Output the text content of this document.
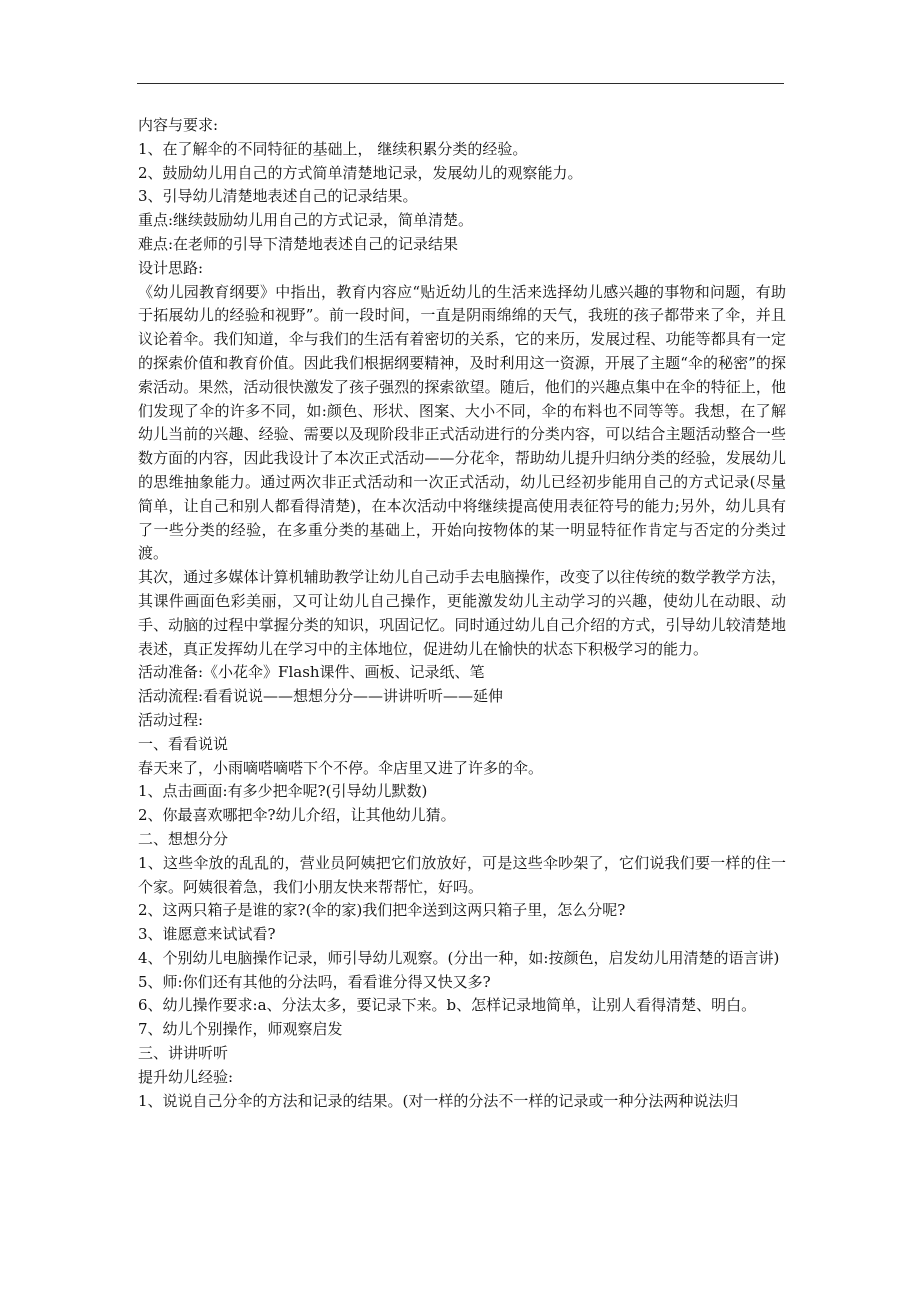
内容与要求:

1、在了解伞的不同特征的基础上， 继续积累分类的经验。

2、鼓励幼儿用自己的方式简单清楚地记录，发展幼儿的观察能力。

3、引导幼儿清楚地表述自己的记录结果。

重点:继续鼓励幼儿用自己的方式记录，简单清楚。

难点:在老师的引导下清楚地表述自己的记录结果

设计思路:

《幼儿园教育纲要》中指出，教育内容应“贴近幼儿的生活来选择幼儿感兴趣的事物和问题，有助于拓展幼儿的经验和视野”。前一段时间，一直是阴雨绵绵的天气，我班的孩子都带来了伞，并且议论着伞。我们知道，伞与我们的生活有着密切的关系，它的来历，发展过程、功能等都具有一定的探索价值和教育价值。因此我们根据纲要精神，及时利用这一资源，开展了主题“伞的秘密”的探索活动。果然，活动很快激发了孩子强烈的探索欲望。随后，他们的兴趣点集中在伞的特征上，他们发现了伞的许多不同，如:颜色、形状、图案、大小不同，伞的布料也不同等等。我想，在了解幼儿当前的兴趣、经验、需要以及现阶段非正式活动进行的分类内容，可以结合主题活动整合一些数方面的内容，因此我设计了本次正式活动——分花伞，帮助幼儿提升归纳分类的经验，发展幼儿的思维抽象能力。通过两次非正式活动和一次正式活动，幼儿已经初步能用自己的方式记录(尽量简单，让自己和别人都看得清楚)，在本次活动中将继续提高使用表征符号的能力;另外，幼儿具有了一些分类的经验，在多重分类的基础上，开始向按物体的某一明显特征作肯定与否定的分类过渡。

其次，通过多媒体计算机辅助教学让幼儿自己动手去电脑操作，改变了以往传统的数学教学方法，其课件画面色彩美丽，又可让幼儿自己操作，更能激发幼儿主动学习的兴趣，使幼儿在动眼、动手、动脑的过程中掌握分类的知识，巩固记忆。同时通过幼儿自己介绍的方式，引导幼儿较清楚地表述，真正发挥幼儿在学习中的主体地位，促进幼儿在愉快的状态下积极学习的能力。

活动准备:《小花伞》Flash课件、画板、记录纸、笔

活动流程:看看说说——想想分分——讲讲听听——延伸

活动过程:

一、看看说说

春天来了，小雨嘀嗒嘀嗒下个不停。伞店里又进了许多的伞。

1、点击画面:有多少把伞呢?(引导幼儿默数)

2、你最喜欢哪把伞?幼儿介绍，让其他幼儿猜。

二、想想分分

1、这些伞放的乱乱的，营业员阿姨把它们放放好，可是这些伞吵架了，它们说我们要一样的住一个家。阿姨很着急，我们小朋友快来帮帮忙，好吗。

2、这两只箱子是谁的家?(伞的家)我们把伞送到这两只箱子里，怎么分呢?

3、谁愿意来试试看?

4、个别幼儿电脑操作记录，师引导幼儿观察。(分出一种，如:按颜色，启发幼儿用清楚的语言讲)

5、师:你们还有其他的分法吗，看看谁分得又快又多?

6、幼儿操作要求:a、分法太多，要记录下来。b、怎样记录地简单，让别人看得清楚、明白。

7、幼儿个别操作，师观察启发

三、讲讲听听

提升幼儿经验:

1、说说自己分伞的方法和记录的结果。(对一样的分法不一样的记录或一种分法两种说法归
